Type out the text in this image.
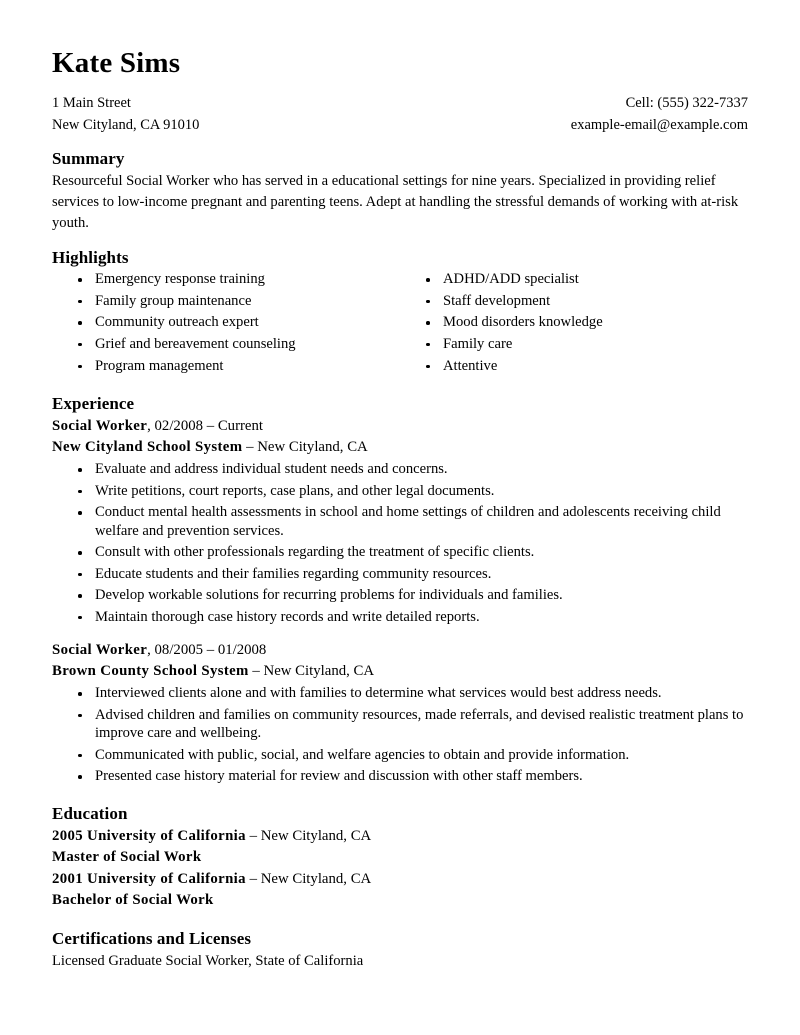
Kate Sims
1 Main Street
New Cityland, CA 91010
Cell: (555) 322-7337
example-email@example.com
Summary

Resourceful Social Worker who has served in a educational settings for nine years. Specialized in providing relief services to low-income pregnant and parenting teens. Adept at handling the stressful demands of working with at-risk youth.

Highlights
Emergency response training
Family group maintenance
Community outreach expert
Grief and bereavement counseling
Program management
ADHD/ADD specialist
Staff development
Mood disorders knowledge
Family care
Attentive
Experience
Social Worker, 02/2008 – Current
New Cityland School System – New Cityland, CA
Evaluate and address individual student needs and concerns.
Write petitions, court reports, case plans, and other legal documents.
Conduct mental health assessments in school and home settings of children and adolescents receiving child welfare and prevention services.
Consult with other professionals regarding the treatment of specific clients.
Educate students and their families regarding community resources.
Develop workable solutions for recurring problems for individuals and families.
Maintain thorough case history records and write detailed reports.
Social Worker, 08/2005 – 01/2008
Brown County School System – New Cityland, CA
Interviewed clients alone and with families to determine what services would best address needs.
Advised children and families on community resources, made referrals, and devised realistic treatment plans to improve care and wellbeing.
Communicated with public, social, and welfare agencies to obtain and provide information.
Presented case history material for review and discussion with other staff members.
Education
2005 University of California – New Cityland, CA
Master of Social Work
2001 University of California – New Cityland, CA
Bachelor of Social Work
Certifications and Licenses

Licensed Graduate Social Worker, State of California
